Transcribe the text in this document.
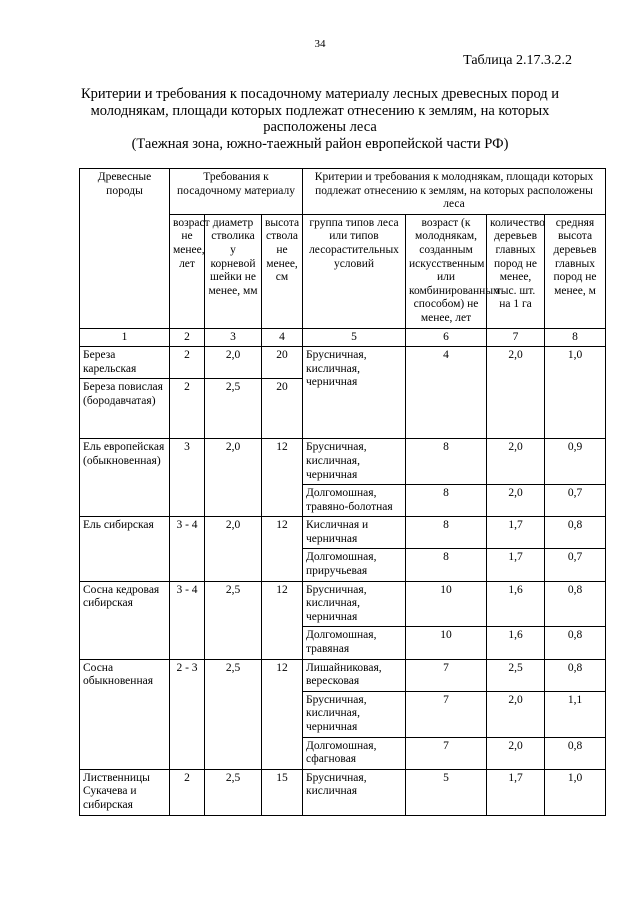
34
Таблица 2.17.3.2.2
Критерии и требования к посадочному материалу лесных древесных пород и
молоднякам, площади которых подлежат отнесению к землям, на которых
расположены леса
(Таежная зона, южно-таежный район европейской части РФ)
Древесные породы	Требования к посадочному материалу			Критерии и требования к молоднякам, площади которых подлежат отнесению к землям, на которых расположены леса			
	возраст не менее, лет	диаметр стволика у корневой шейки не менее, мм	высота ствола не менее, см	группа типов леса или типов лесорастительных условий	возраст (к молоднякам, созданным искусственным или комбинированным способом) не менее, лет	количество деревьев главных пород не менее, тыс. шт. на 1 га	средняя высота деревьев главных пород не менее, м
1	2	3	4	5	6	7	8
Береза карельская	2	2,0	20	Брусничная, кисличная, черничная	4	2,0	1,0
Береза повислая (бородавчатая)	2	2,5	20				
Ель европейская (обыкновенная)	3	2,0	12	Брусничная, кисличная, черничная	8	2,0	0,9
				Долгомошная, травяно-болотная	8	2,0	0,7
Ель сибирская	3 - 4	2,0	12	Кисличная и черничная	8	1,7	0,8
				Долгомошная, приручьевая	8	1,7	0,7
Сосна кедровая сибирская	3 - 4	2,5	12	Брусничная, кисличная, черничная	10	1,6	0,8
				Долгомошная, травяная	10	1,6	0,8
Сосна обыкновенная	2 - 3	2,5	12	Лишайниковая, вересковая	7	2,5	0,8
				Брусничная, кисличная, черничная	7	2,0	1,1
				Долгомошная, сфагновая	7	2,0	0,8
Лиственницы Сукачева и сибирская	2	2,5	15	Брусничная, кисличная	5	1,7	1,0
